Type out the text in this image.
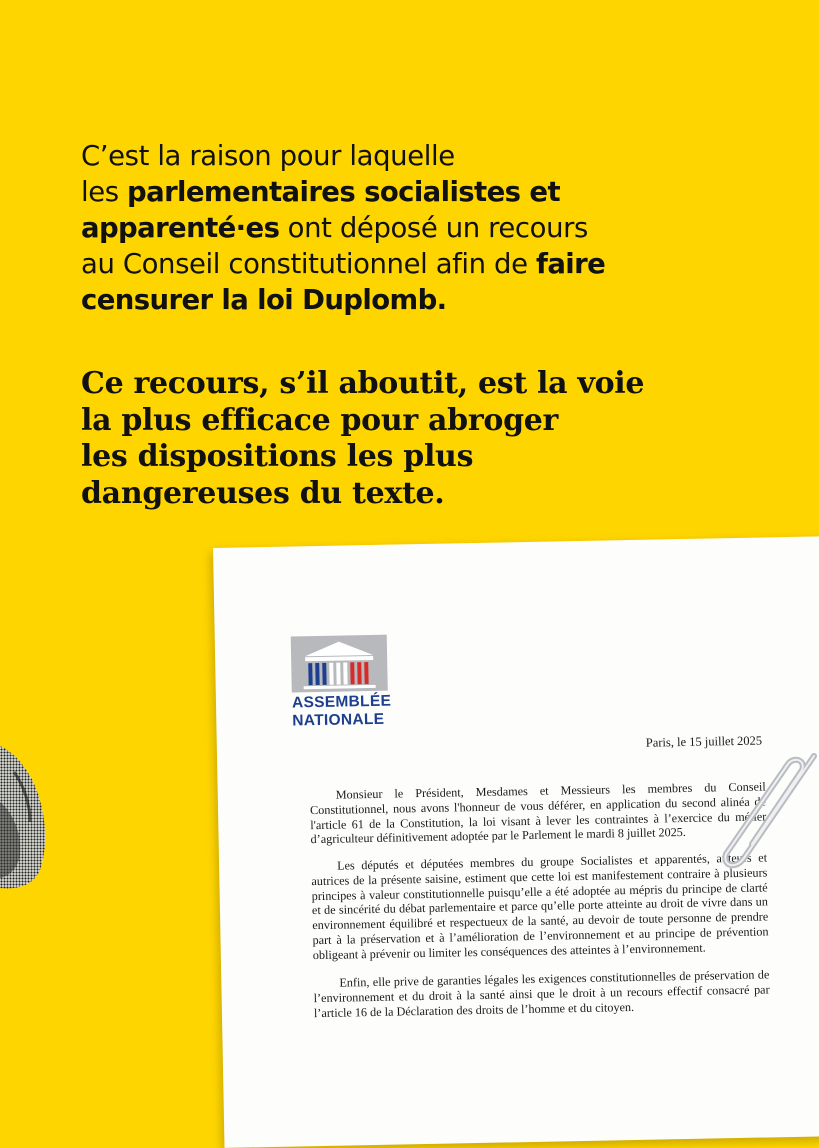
C’est la raison pour laquelle
les parlementaires socialistes et
apparenté·es ont déposé un recours
au Conseil constitutionnel afin de faire
censurer la loi Duplomb.
Ce recours, s’il aboutit, est la voie
la plus efficace pour abroger
les dispositions les plus
dangereuses du texte.
ASSEMBLÉE
NATIONALE
Paris, le 15 juillet 2025
Monsieur le Président, Mesdames et Messieurs les membres du Conseil Constitutionnel, nous avons l'honneur de vous déférer, en application du second alinéa de l'article 61 de la Constitution, la loi visant à lever les contraintes à l’exercice du métier d’agriculteur définitivement adoptée par le Parlement le mardi 8 juillet 2025.
Les députés et députées membres du groupe Socialistes et apparentés, auteurs et autrices de la présente saisine, estiment que cette loi est manifestement contraire à plusieurs principes à valeur constitutionnelle puisqu’elle a été adoptée au mépris du principe de clarté et de sincérité du débat parlementaire et parce qu’elle porte atteinte au droit de vivre dans un environnement équilibré et respectueux de la santé, au devoir de toute personne de prendre part à la préservation et à l’amélioration de l’environnement et au principe de prévention obligeant à prévenir ou limiter les conséquences des atteintes à l’environnement.
Enfin, elle prive de garanties légales les exigences constitutionnelles de préservation de l’environnement et du droit à la santé ainsi que le droit à un recours effectif consacré par l’article 16 de la Déclaration des droits de l’homme et du citoyen.
